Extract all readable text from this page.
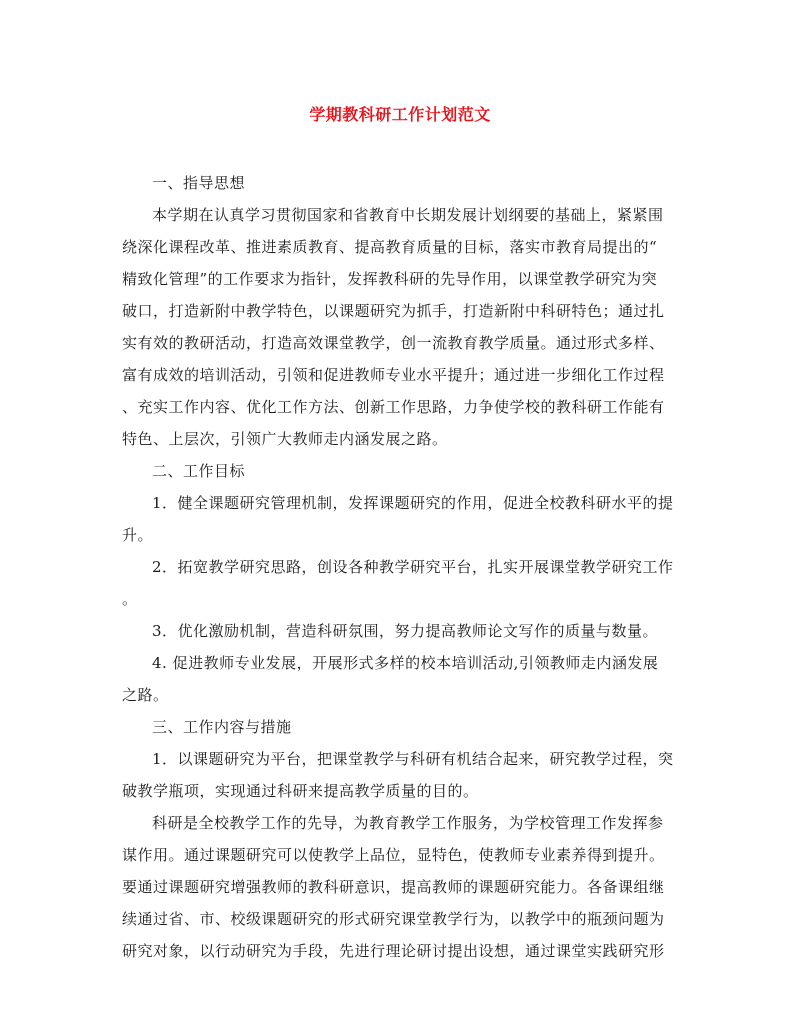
学期教科研工作计划范文
一、指导思想
本学期在认真学习贯彻国家和省教育中长期发展计划纲要的基础上，紧紧围
绕深化课程改革、推进素质教育、提高教育质量的目标，落实市教育局提出的“
精致化管理”的工作要求为指针，发挥教科研的先导作用，以课堂教学研究为突
破口，打造新附中教学特色，以课题研究为抓手，打造新附中科研特色；通过扎
实有效的教研活动，打造高效课堂教学，创一流教育教学质量。通过形式多样、
富有成效的培训活动，引领和促进教师专业水平提升；通过进一步细化工作过程
、充实工作内容、优化工作方法、创新工作思路，力争使学校的教科研工作能有
特色、上层次，引领广大教师走内涵发展之路。
二、工作目标
1．健全课题研究管理机制，发挥课题研究的作用，促进全校教科研水平的提
升。
2．拓宽教学研究思路，创设各种教学研究平台，扎实开展课堂教学研究工作
。
3．优化激励机制，营造科研氛围，努力提高教师论文写作的质量与数量。
4. 促进教师专业发展，开展形式多样的校本培训活动,引领教师走内涵发展
之路。
三、工作内容与措施
1．以课题研究为平台，把课堂教学与科研有机结合起来，研究教学过程，突
破教学瓶项，实现通过科研来提高教学质量的目的。
科研是全校教学工作的先导，为教育教学工作服务，为学校管理工作发挥参
谋作用。通过课题研究可以使教学上品位，显特色，使教师专业素养得到提升。
要通过课题研究增强教师的教科研意识，提高教师的课题研究能力。各备课组继
续通过省、市、校级课题研究的形式研究课堂教学行为，以教学中的瓶颈问题为
研究对象，以行动研究为手段，先进行理论研讨提出设想，通过课堂实践研究形
